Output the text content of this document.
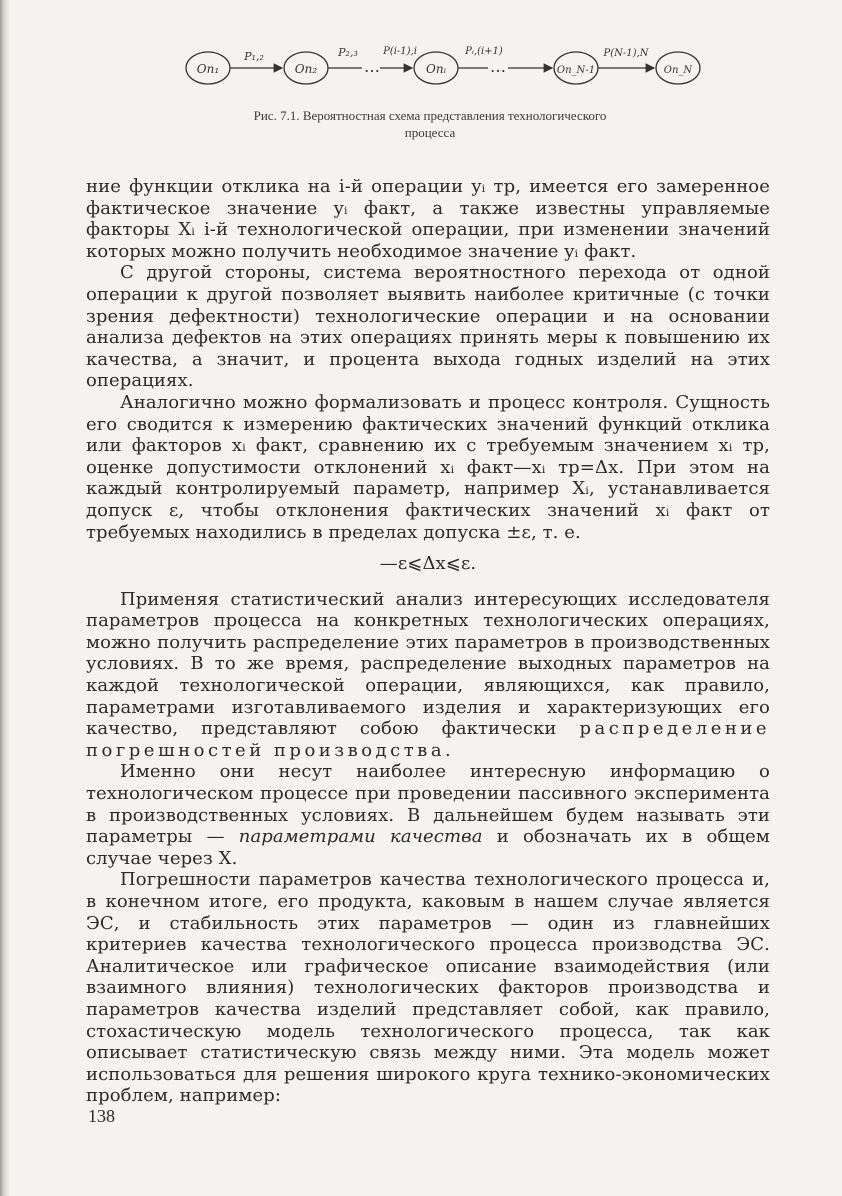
Оп₁	Оп₂	Опᵢ	Оп_N-1	Оп_N
…	…
P₁,₂	P₂,₃	P(i-1),i	Pᵢ,(i+1)	P(N-1),N
Рис. 7.1. Вероятностная схема представления технологического
процесса

ние функции отклика на i-й операции yᵢ тр, имеется его замеренное фактическое значение yᵢ факт, а также известны управляемые факторы Xᵢ i-й технологической операции, при изменении значений которых можно получить необходимое значение yᵢ факт.

С другой стороны, система вероятностного перехода от одной операции к другой позволяет выявить наиболее критичные (с точки зрения дефектности) технологические операции и на основании анализа дефектов на этих операциях принять меры к повышению их качества, а значит, и процента выхода годных изделий на этих операциях.

Аналогично можно формализовать и процесс контроля. Сущность его сводится к измерению фактических значений функций отклика или факторов xᵢ факт, сравнению их с требуемым значением xᵢ тр, оценке допустимости отклонений xᵢ факт—xᵢ тр=Δx. При этом на каждый контролируемый параметр, например Xᵢ, устанавливается допуск ε, чтобы отклонения фактических значений xᵢ факт от требуемых находились в пределах допуска ±ε, т. е.

—ε⩽Δx⩽ε.

Применяя статистический анализ интересующих исследователя параметров процесса на конкретных технологических операциях, можно получить распределение этих параметров в производственных условиях. В то же время, распределение выходных параметров на каждой технологической операции, являющихся, как правило, параметрами изготавливаемого изделия и характеризующих его качество, представляют собою фактически распределение погрешностей производства.

Именно они несут наиболее интересную информацию о технологическом процессе при проведении пассивного эксперимента в производственных условиях. В дальнейшем будем называть эти параметры — параметрами качества и обозначать их в общем случае через X.

Погрешности параметров качества технологического процесса и, в конечном итоге, его продукта, каковым в нашем случае является ЭС, и стабильность этих параметров — один из главнейших критериев качества технологического процесса производства ЭС. Аналитическое или графическое описание взаимодействия (или взаимного влияния) технологических факторов производства и параметров качества изделий представляет собой, как правило, стохастическую модель технологического процесса, так как описывает статистическую связь между ними. Эта модель может использоваться для решения широкого круга технико-экономических проблем, например:

138
